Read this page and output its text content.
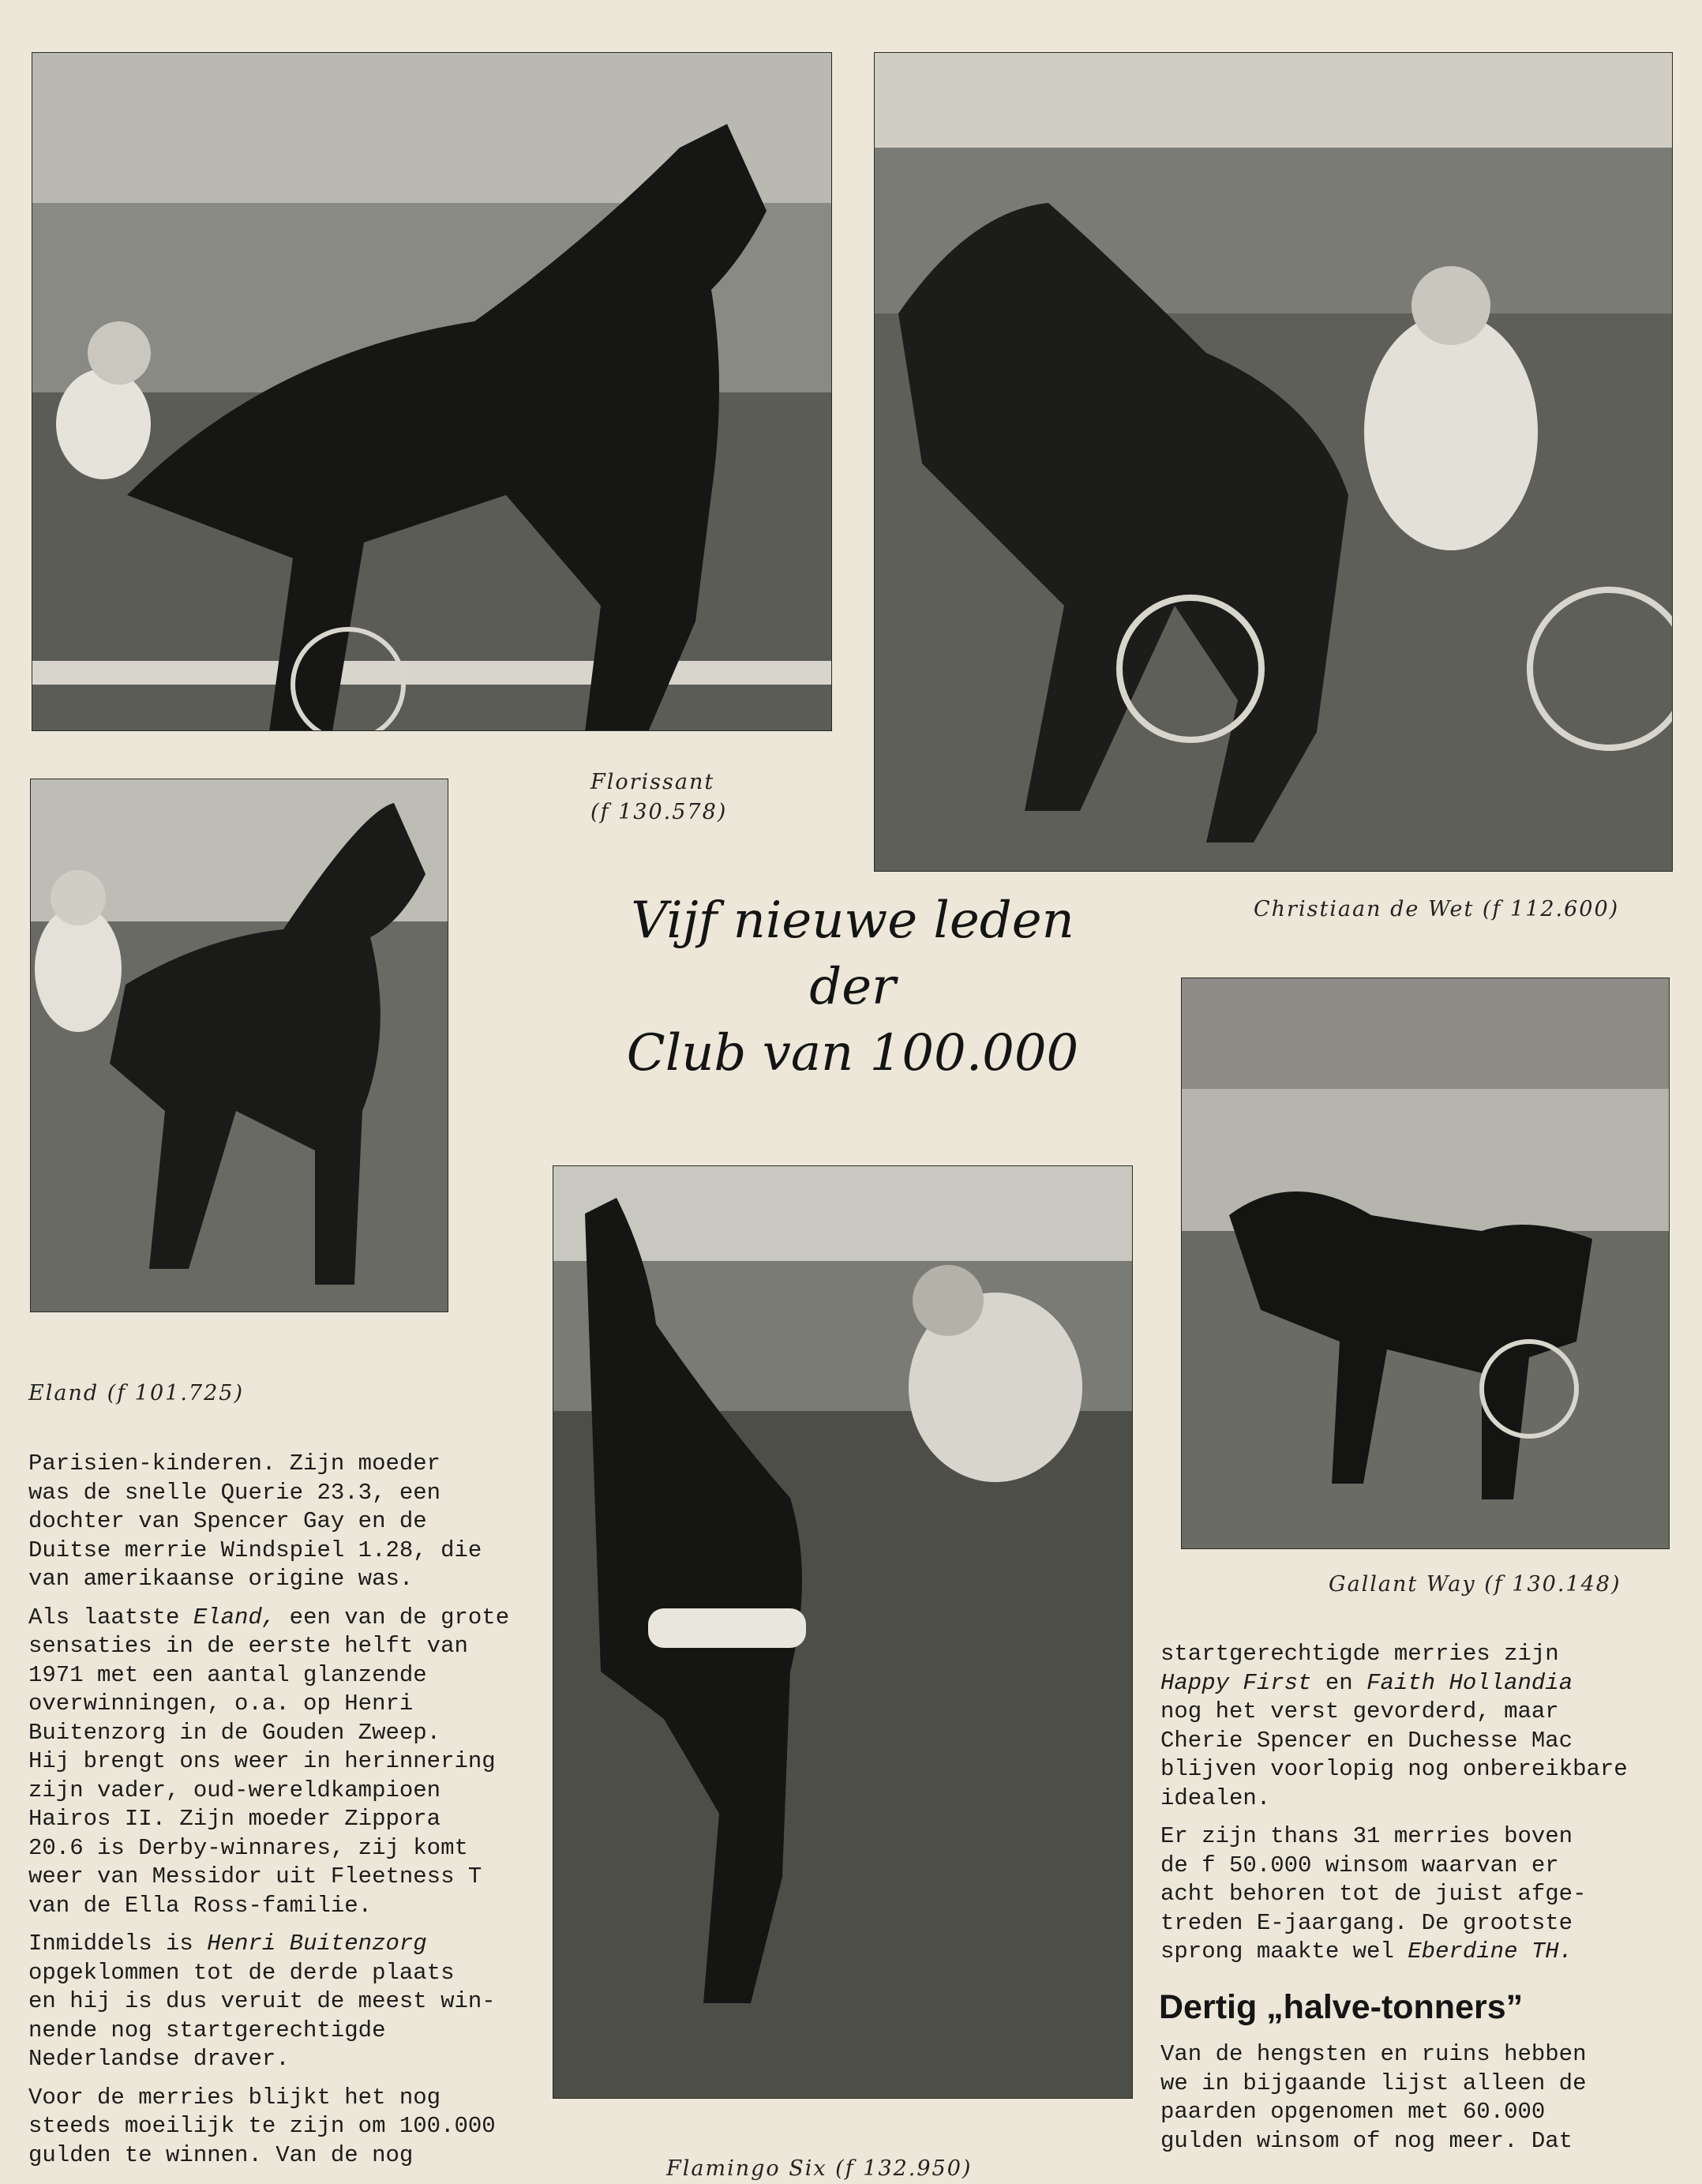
Florissant
(f 130.578)
Christiaan de Wet (f 112.600)
Vijf nieuwe leden
der
Club van 100.000
Gallant Way (f 130.148)
Eland (f 101.725)
Flamingo Six (f 132.950)

Parisien-kinderen. Zijn moeder
was de snelle Querie 23.3, een
dochter van Spencer Gay en de
Duitse merrie Windspiel 1.28, die
van amerikaanse origine was.

Als laatste Eland, een van de grote
sensaties in de eerste helft van
1971 met een aantal glanzende
overwinningen, o.a. op Henri
Buitenzorg in de Gouden Zweep.
Hij brengt ons weer in herinnering
zijn vader, oud-wereldkampioen
Hairos II. Zijn moeder Zippora
20.6 is Derby-winnares, zij komt
weer van Messidor uit Fleetness T
van de Ella Ross-familie.

Inmiddels is Henri Buitenzorg
opgeklommen tot de derde plaats
en hij is dus veruit de meest win-
nende nog startgerechtigde
Nederlandse draver.

Voor de merries blijkt het nog
steeds moeilijk te zijn om 100.000
gulden te winnen. Van de nog

startgerechtigde merries zijn
Happy First en Faith Hollandia
nog het verst gevorderd, maar
Cherie Spencer en Duchesse Mac
blijven voorlopig nog onbereikbare
idealen.

Er zijn thans 31 merries boven
de f 50.000 winsom waarvan er
acht behoren tot de juist afge-
treden E-jaargang. De grootste
sprong maakte wel Eberdine TH.

Dertig „halve-tonners”

Van de hengsten en ruins hebben
we in bijgaande lijst alleen de
paarden opgenomen met 60.000
gulden winsom of nog meer. Dat
